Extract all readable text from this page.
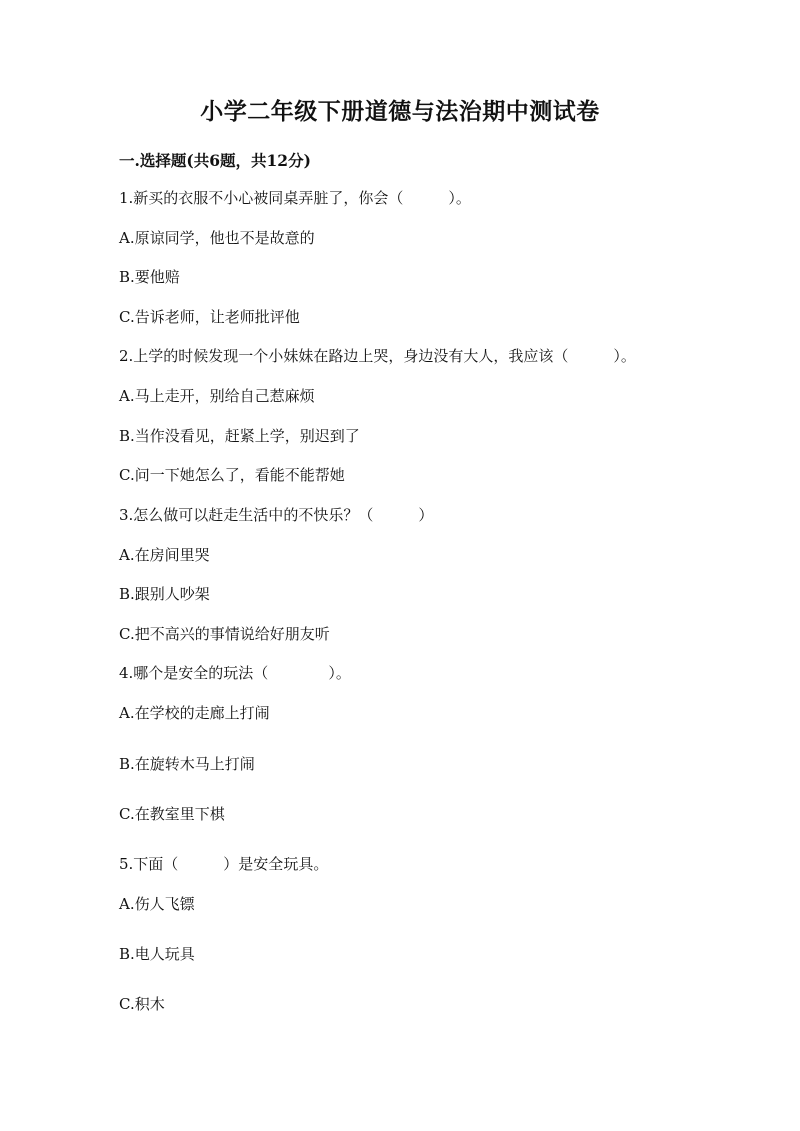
小学二年级下册道德与法治期中测试卷
一.选择题(共6题，共12分)
1.新买的衣服不小心被同桌弄脏了，你会（　　　）。
A.原谅同学，他也不是故意的
B.要他赔
C.告诉老师，让老师批评他
2.上学的时候发现一个小妹妹在路边上哭，身边没有大人，我应该（　　　）。
A.马上走开，别给自己惹麻烦
B.当作没看见，赶紧上学，别迟到了
C.问一下她怎么了，看能不能帮她
3.怎么做可以赶走生活中的不快乐？（　　　）
A.在房间里哭
B.跟别人吵架
C.把不高兴的事情说给好朋友听
4.哪个是安全的玩法（　　　　）。
A.在学校的走廊上打闹
B.在旋转木马上打闹
C.在教室里下棋
5.下面（　　　）是安全玩具。
A.伤人飞镖
B.电人玩具
C.积木
